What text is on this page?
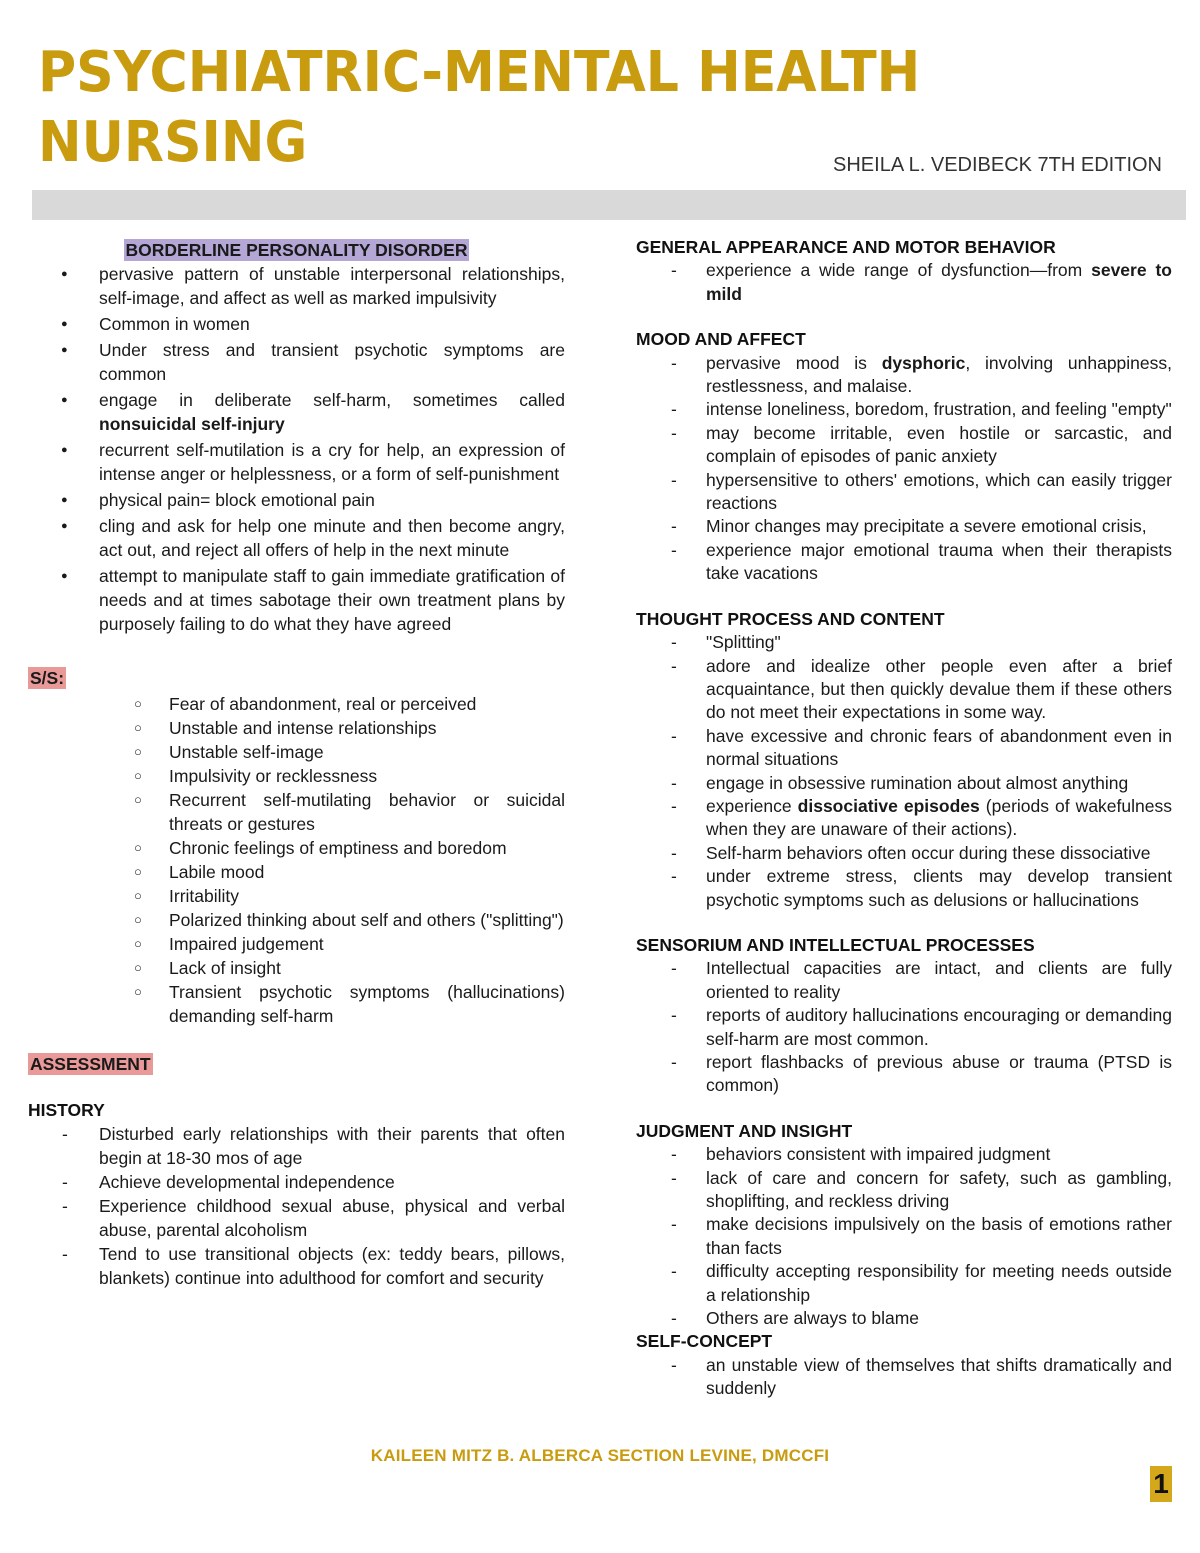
PSYCHIATRIC-MENTAL HEALTH
NURSING	SHEILA L. VEDIBECK 7TH EDITION
BORDERLINE PERSONALITY DISORDER
● pervasive pattern of unstable interpersonal relationships, self-image, and affect as well as marked impulsivity
● Common in women
● Under stress and transient psychotic symptoms are common
● engage in deliberate self-harm, sometimes called nonsuicidal self-injury
● recurrent self-mutilation is a cry for help, an expression of intense anger or helplessness, or a form of self-punishment
● physical pain= block emotional pain
● cling and ask for help one minute and then become angry, act out, and reject all offers of help in the next minute
● attempt to manipulate staff to gain immediate gratification of needs and at times sabotage their own treatment plans by purposely failing to do what they have agreed
S/S:
○ Fear of abandonment, real or perceived
○ Unstable and intense relationships
○ Unstable self-image
○ Impulsivity or recklessness
○ Recurrent self-mutilating behavior or suicidal threats or gestures
○ Chronic feelings of emptiness and boredom
○ Labile mood
○ Irritability
○ Polarized thinking about self and others ("splitting")
○ Impaired judgement
○ Lack of insight
○ Transient psychotic symptoms (hallucinations) demanding self-harm
ASSESSMENT
HISTORY
- Disturbed early relationships with their parents that often begin at 18-30 mos of age
- Achieve developmental independence
- Experience childhood sexual abuse, physical and verbal abuse, parental alcoholism
- Tend to use transitional objects (ex: teddy bears, pillows, blankets) continue into adulthood for comfort and security
GENERAL APPEARANCE AND MOTOR BEHAVIOR
- experience a wide range of dysfunction—from severe to mild
MOOD AND AFFECT
- pervasive mood is dysphoric, involving unhappiness, restlessness, and malaise.
- intense loneliness, boredom, frustration, and feeling "empty"
- may become irritable, even hostile or sarcastic, and complain of episodes of panic anxiety
- hypersensitive to others' emotions, which can easily trigger reactions
- Minor changes may precipitate a severe emotional crisis,
- experience major emotional trauma when their therapists take vacations
THOUGHT PROCESS AND CONTENT
- "Splitting"
- adore and idealize other people even after a brief acquaintance, but then quickly devalue them if these others do not meet their expectations in some way.
- have excessive and chronic fears of abandonment even in normal situations
- engage in obsessive rumination about almost anything
- experience dissociative episodes (periods of wakefulness when they are unaware of their actions).
- Self-harm behaviors often occur during these dissociative
- under extreme stress, clients may develop transient psychotic symptoms such as delusions or hallucinations
SENSORIUM AND INTELLECTUAL PROCESSES
- Intellectual capacities are intact, and clients are fully oriented to reality
- reports of auditory hallucinations encouraging or demanding self-harm are most common.
- report flashbacks of previous abuse or trauma (PTSD is common)
JUDGMENT AND INSIGHT
- behaviors consistent with impaired judgment
- lack of care and concern for safety, such as gambling, shoplifting, and reckless driving
- make decisions impulsively on the basis of emotions rather than facts
- difficulty accepting responsibility for meeting needs outside a relationship
- Others are always to blame
SELF-CONCEPT
- an unstable view of themselves that shifts dramatically and suddenly
KAILEEN MITZ B. ALBERCA SECTION LEVINE, DMCCFI
1
